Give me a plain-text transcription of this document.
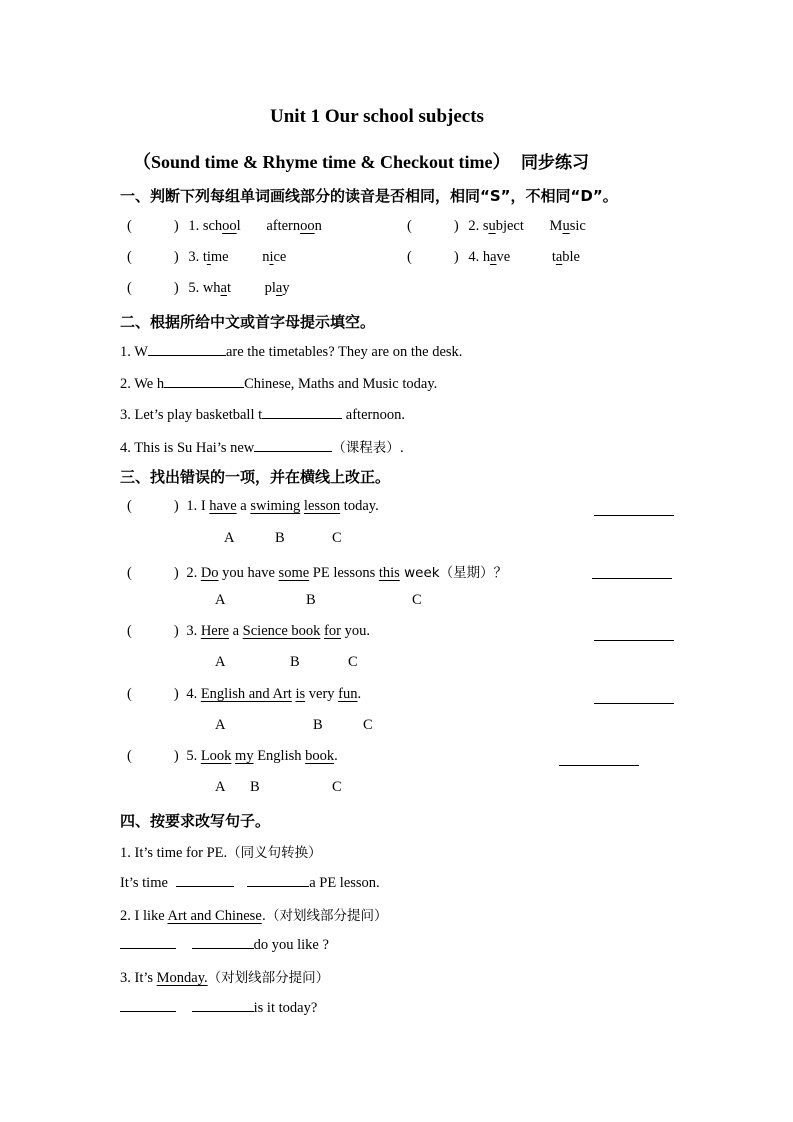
Unit 1 Our school subjects
（Sound time & Rhyme time & Checkout time） 同步练习
一、判断下列每组单词画线部分的读音是否相同，相同“S”，不相同“D”。
(	) 1. school afternoon	(	) 2. subject Music
(	) 3. time nice	(	) 4. have	table
(	) 5. what play
二、根据所给中文或首字母提示填空。
1. W	are the timetables? They are on the desk.
2. We h	Chinese, Maths and Music today.
3. Let’s play basketball t	afternoon.
4. This is Su Hai’s new	（课程表）.
三、找出错误的一项，并在横线上改正。
(	) 1. I have a swiming lesson today.
A	B	C
(	) 2. Do you have some PE lessons this week（星期）？
A	B	C
(	) 3. Here a Science book for you.
A	B	C
(	) 4. English and Art is very fun.
A	B	C
(	) 5. Look my English book.
A B	C
四、按要求改写句子。
1. It’s time for PE.（同义句转换）
It’s time	a PE lesson.
2. I like Art and Chinese.（对划线部分提问）
do you like ?
3. It’s Monday.（对划线部分提问）
is it today?
